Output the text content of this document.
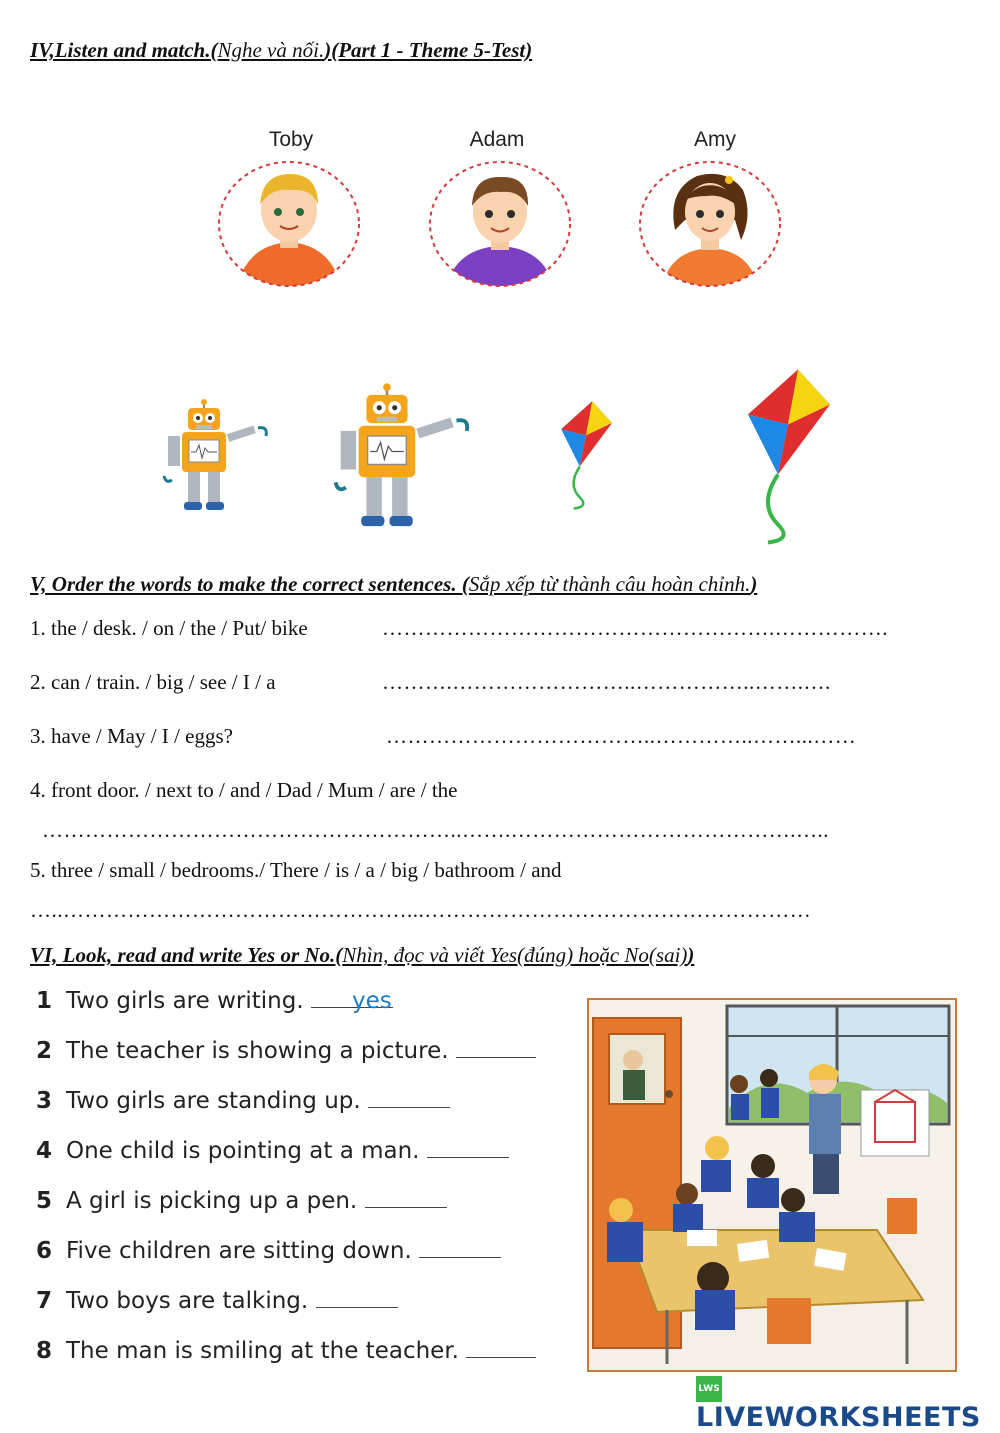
IV,Listen and match.(Nghe và nối.)(Part 1 - Theme 5-Test)
Toby	Adam	Amy
V, Order the words to make the correct sentences. (Sắp xếp từ thành câu hoàn chỉnh.)
1. the / desk. / on / the / Put/ bike	……………………………………………….…………….
2. can / train. / big / see / I / a	……….……………………..……………..…….….
3. have / May / I / eggs?	………………………………..…………..……...……
4. front door. / next to / and / Dad / Mum / are / the
…………………………………………………..…….………………………………….…..
5. three / small / bedrooms./ There / is / a / big / bathroom / and
…..…………………………………………...………………………………………………
VI, Look, read and write Yes or No.(Nhìn, đọc và viết Yes(đúng) hoặc No(sai))
1 Two girls are writing.	yes
2 The teacher is showing a picture.
3 Two girls are standing up.
4 One child is pointing at a man.
5 A girl is picking up a pen.
6 Five children are sitting down.
7 Two boys are talking.
8 The man is smiling at the teacher.
LWSLIVEWORKSHEETS
